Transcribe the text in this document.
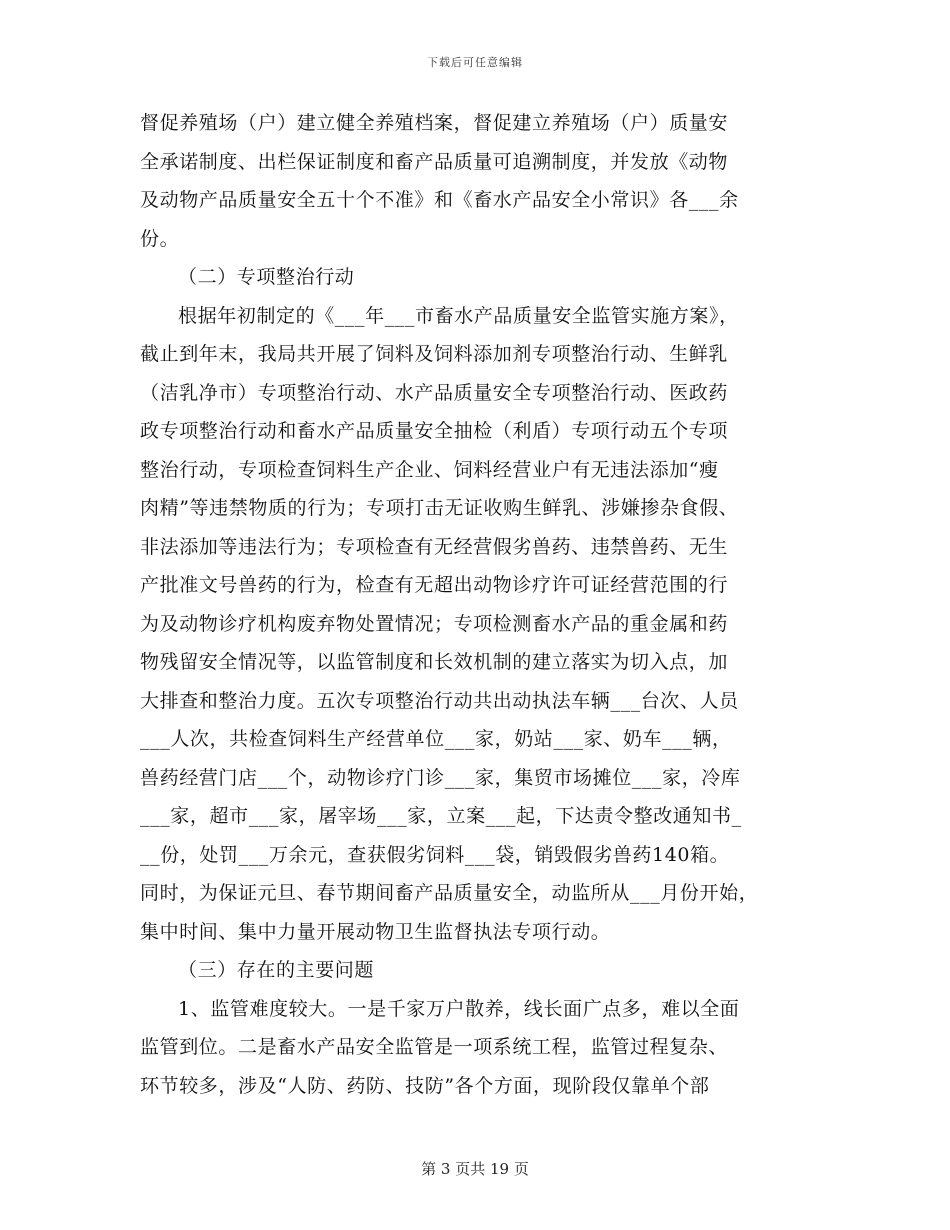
下载后可任意编辑
督促养殖场（户）建立健全养殖档案，督促建立养殖场（户）质量安
全承诺制度、出栏保证制度和畜产品质量可追溯制度，并发放《动物
及动物产品质量安全五十个不准》和《畜水产品安全小常识》各___余
份。
（二）专项整治行动
根据年初制定的《___年___市畜水产品质量安全监管实施方案》，
截止到年末，我局共开展了饲料及饲料添加剂专项整治行动、生鲜乳
（洁乳净市）专项整治行动、水产品质量安全专项整治行动、医政药
政专项整治行动和畜水产品质量安全抽检（利盾）专项行动五个专项
整治行动，专项检查饲料生产企业、饲料经营业户有无违法添加“瘦
肉精”等违禁物质的行为；专项打击无证收购生鲜乳、涉嫌掺杂食假、
非法添加等违法行为；专项检查有无经营假劣兽药、违禁兽药、无生
产批准文号兽药的行为，检查有无超出动物诊疗许可证经营范围的行
为及动物诊疗机构废弃物处置情况；专项检测畜水产品的重金属和药
物残留安全情况等，以监管制度和长效机制的建立落实为切入点，加
大排查和整治力度。五次专项整治行动共出动执法车辆___台次、人员
___人次，共检查饲料生产经营单位___家，奶站___家、奶车___辆，
兽药经营门店___个，动物诊疗门诊___家，集贸市场摊位___家，冷库
___家，超市___家，屠宰场___家，立案___起，下达责令整改通知书_
__份，处罚___万余元，查获假劣饲料___袋，销毁假劣兽药140箱。
同时，为保证元旦、春节期间畜产品质量安全，动监所从___月份开始，
集中时间、集中力量开展动物卫生监督执法专项行动。
（三）存在的主要问题
1、监管难度较大。一是千家万户散养，线长面广点多，难以全面
监管到位。二是畜水产品安全监管是一项系统工程，监管过程复杂、
环节较多，涉及“人防、药防、技防”各个方面，现阶段仅靠单个部
第 3 页共 19 页
